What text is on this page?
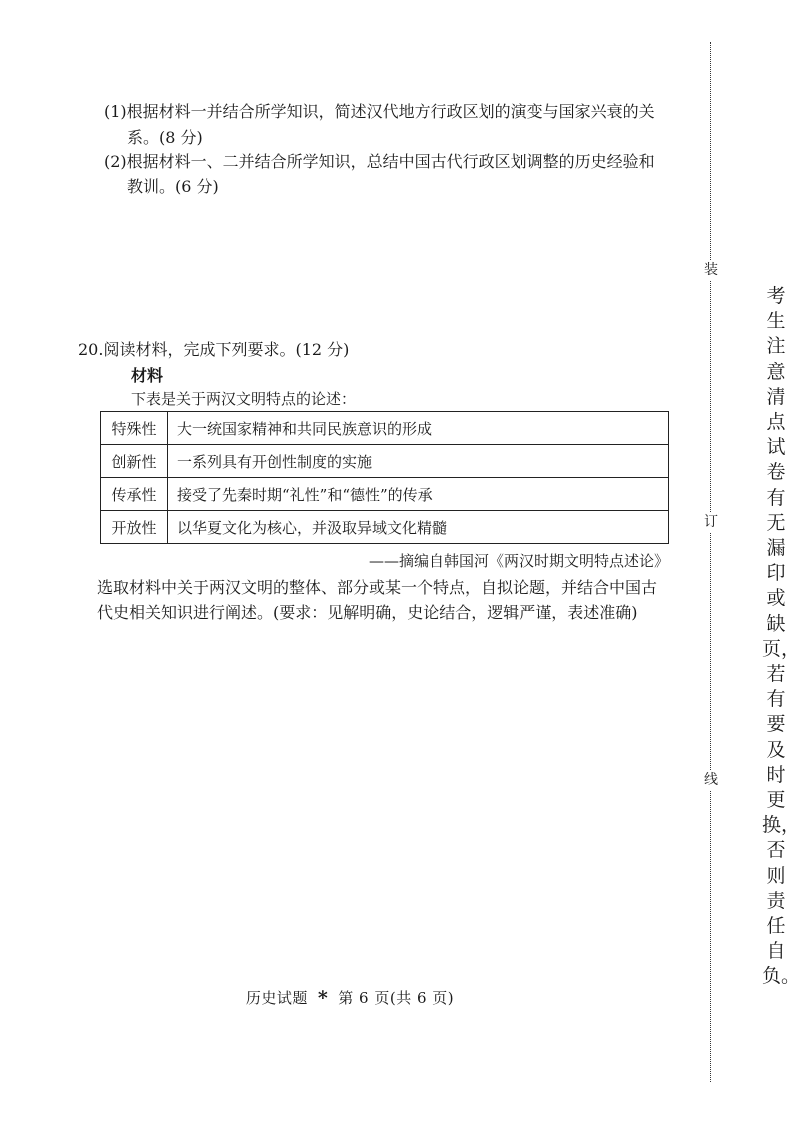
(1)根据材料一并结合所学知识，简述汉代地方行政区划的演变与国家兴衰的关
系。(8 分)
(2)根据材料一、二并结合所学知识，总结中国古代行政区划调整的历史经验和
教训。(6 分)
20.阅读材料，完成下列要求。(12 分)
材料
下表是关于两汉文明特点的论述：
特殊性	大一统国家精神和共同民族意识的形成
创新性	一系列具有开创性制度的实施
传承性	接受了先秦时期“礼性”和“德性”的传承
开放性	以华夏文化为核心，并汲取异域文化精髓
——摘编自韩国河《两汉时期文明特点述论》
选取材料中关于两汉文明的整体、部分或某一个特点，自拟论题，并结合中国古
代史相关知识进行阐述。(要求：见解明确，史论结合，逻辑严谨，表述准确)
历史试题 * 第 6 页(共 6 页)
装
订
线
考生注意清点试卷有无漏印或缺页，若有要及时更换，否则责任自负。
